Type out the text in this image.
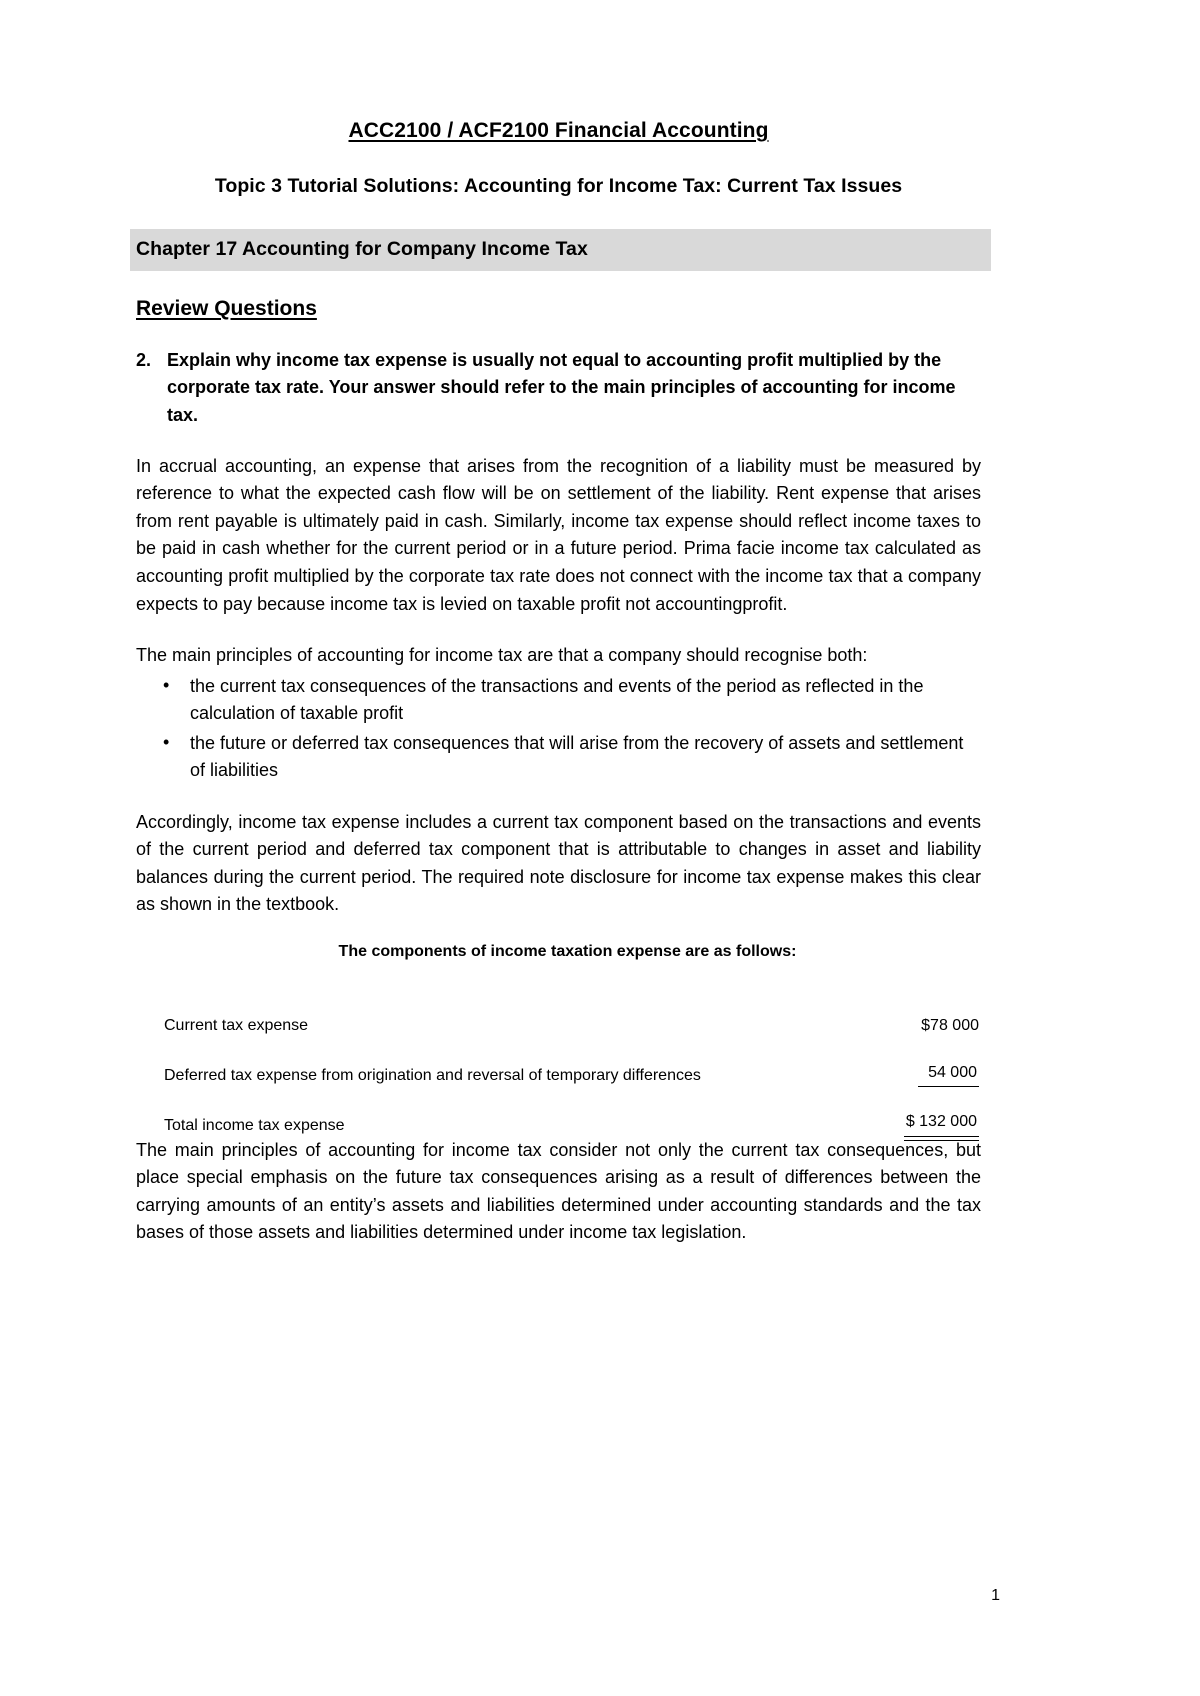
ACC2100 / ACF2100 Financial Accounting
Topic 3 Tutorial Solutions: Accounting for Income Tax: Current Tax Issues
Chapter 17 Accounting for Company Income Tax
Review Questions
2. Explain why income tax expense is usually not equal to accounting profit multiplied by the corporate tax rate. Your answer should refer to the main principles of accounting for income tax.

In accrual accounting, an expense that arises from the recognition of a liability must be measured by reference to what the expected cash flow will be on settlement of the liability. Rent expense that arises from rent payable is ultimately paid in cash. Similarly, income tax expense should reflect income taxes to be paid in cash whether for the current period or in a future period. Prima facie income tax calculated as accounting profit multiplied by the corporate tax rate does not connect with the income tax that a company expects to pay because income tax is levied on taxable profit not accountingprofit.

The main principles of accounting for income tax are that a company should recognise both:

• the current tax consequences of the transactions and events of the period as reflected in the calculation of taxable profit
• the future or deferred tax consequences that will arise from the recovery of assets and settlement of liabilities

Accordingly, income tax expense includes a current tax component based on the transactions and events of the current period and deferred tax component that is attributable to changes in asset and liability balances during the current period. The required note disclosure for income tax expense makes this clear as shown in the textbook.

The components of income taxation expense are as follows:
Current tax expense	$78 000
Deferred tax expense from origination and reversal of temporary differences	54 000
Total income tax expense	$ 132 000

The main principles of accounting for income tax consider not only the current tax consequences, but place special emphasis on the future tax consequences arising as a result of differences between the carrying amounts of an entity’s assets and liabilities determined under accounting standards and the tax bases of those assets and liabilities determined under income tax legislation.

1
